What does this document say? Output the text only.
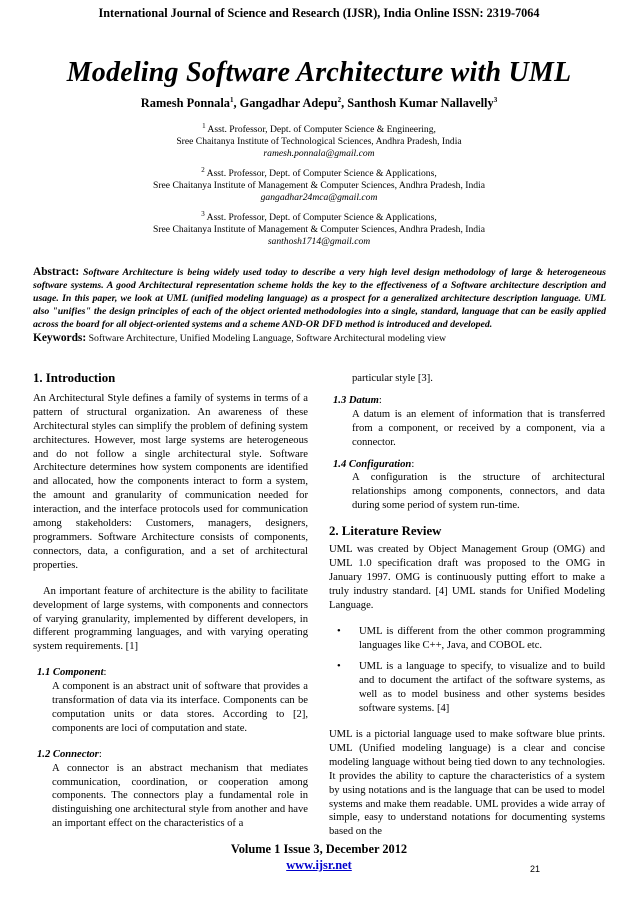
International Journal of Science and Research (IJSR), India Online ISSN: 2319-7064
Modeling Software Architecture with UML
Ramesh Ponnala$^1$, Gangadhar Adepu$^2$, Santhosh Kumar Nallavelly$^3$
$^1$ Asst. Professor, Dept. of Computer Science & Engineering,
Sree Chaitanya Institute of Technological Sciences, Andhra Pradesh, India
ramesh.ponnala@gmail.com
$^2$ Asst. Professor, Dept. of Computer Science & Applications,
Sree Chaitanya Institute of Management & Computer Sciences, Andhra Pradesh, India
gangadhar24mca@gmail.com
$^3$ Asst. Professor, Dept. of Computer Science & Applications,
Sree Chaitanya Institute of Management & Computer Sciences, Andhra Pradesh, India
santhosh1714@gmail.com
Abstract: Software Architecture is being widely used today to describe a very high level design methodology of large & heterogeneous software systems. A good Architectural representation scheme holds the key to the effectiveness of a Software architecture description and usage. In this paper, we look at UML (unified modeling language) as a prospect for a generalized architecture description language. UML also "unifies" the design principles of each of the object oriented methodologies into a single, standard, language that can be easily applied across the board for all object-oriented systems and a scheme AND-OR DFD method is introduced and developed.
Keywords: Software Architecture, Unified Modeling Language, Software Architectural modeling view
1. Introduction

An Architectural Style defines a family of systems in terms of a pattern of structural organization. An awareness of these Architectural styles can simplify the problem of defining system architectures. However, most large systems are heterogeneous and do not follow a single architectural style. Software Architecture determines how system components are identified and allocated, how the components interact to form a system, the amount and granularity of communication needed for interaction, and the interface protocols used for communication among stakeholders: Customers, managers, designers, programmers. Software Architecture consists of components, connectors, data, a configuration, and a set of architectural properties.

An important feature of architecture is the ability to facilitate development of large systems, with components and connectors of varying granularity, implemented by different developers, in different programming languages, and with varying operating system requirements. [1]

1.1 Component:

A component is an abstract unit of software that provides a transformation of data via its interface. Components can be computation units or data stores. According to [2], components are loci of computation and state.

1.2 Connector:

A connector is an abstract mechanism that mediates communication, coordination, or cooperation among components. The connectors play a fundamental role in distinguishing one architectural style from another and have an important effect on the characteristics of a

particular style [3].

1.3 Datum:

A datum is an element of information that is transferred from a component, or received by a component, via a connector.

1.4 Configuration:

A configuration is the structure of architectural relationships among components, connectors, and data during some period of system run-time.

2. Literature Review

UML was created by Object Management Group (OMG) and UML 1.0 specification draft was proposed to the OMG in January 1997. OMG is continuously putting effort to make a truly industry standard. [4] UML stands for Unified Modeling Language.

•	UML is different from the other common programming languages like C++, Java, and COBOL etc.
•	UML is a language to specify, to visualize and to build and to document the artifact of the software systems, as well as to model business and other systems besides software systems. [4]

UML is a pictorial language used to make software blue prints. UML (Unified modeling language) is a clear and concise modeling language without being tied down to any technologies. It provides the ability to capture the characteristics of a system by using notations and is the language that can be used to model systems and make them readable. UML provides a wide array of simple, easy to understand notations for documenting systems based on the

Volume 1 Issue 3, December 2012
www.ijsr.net	21
